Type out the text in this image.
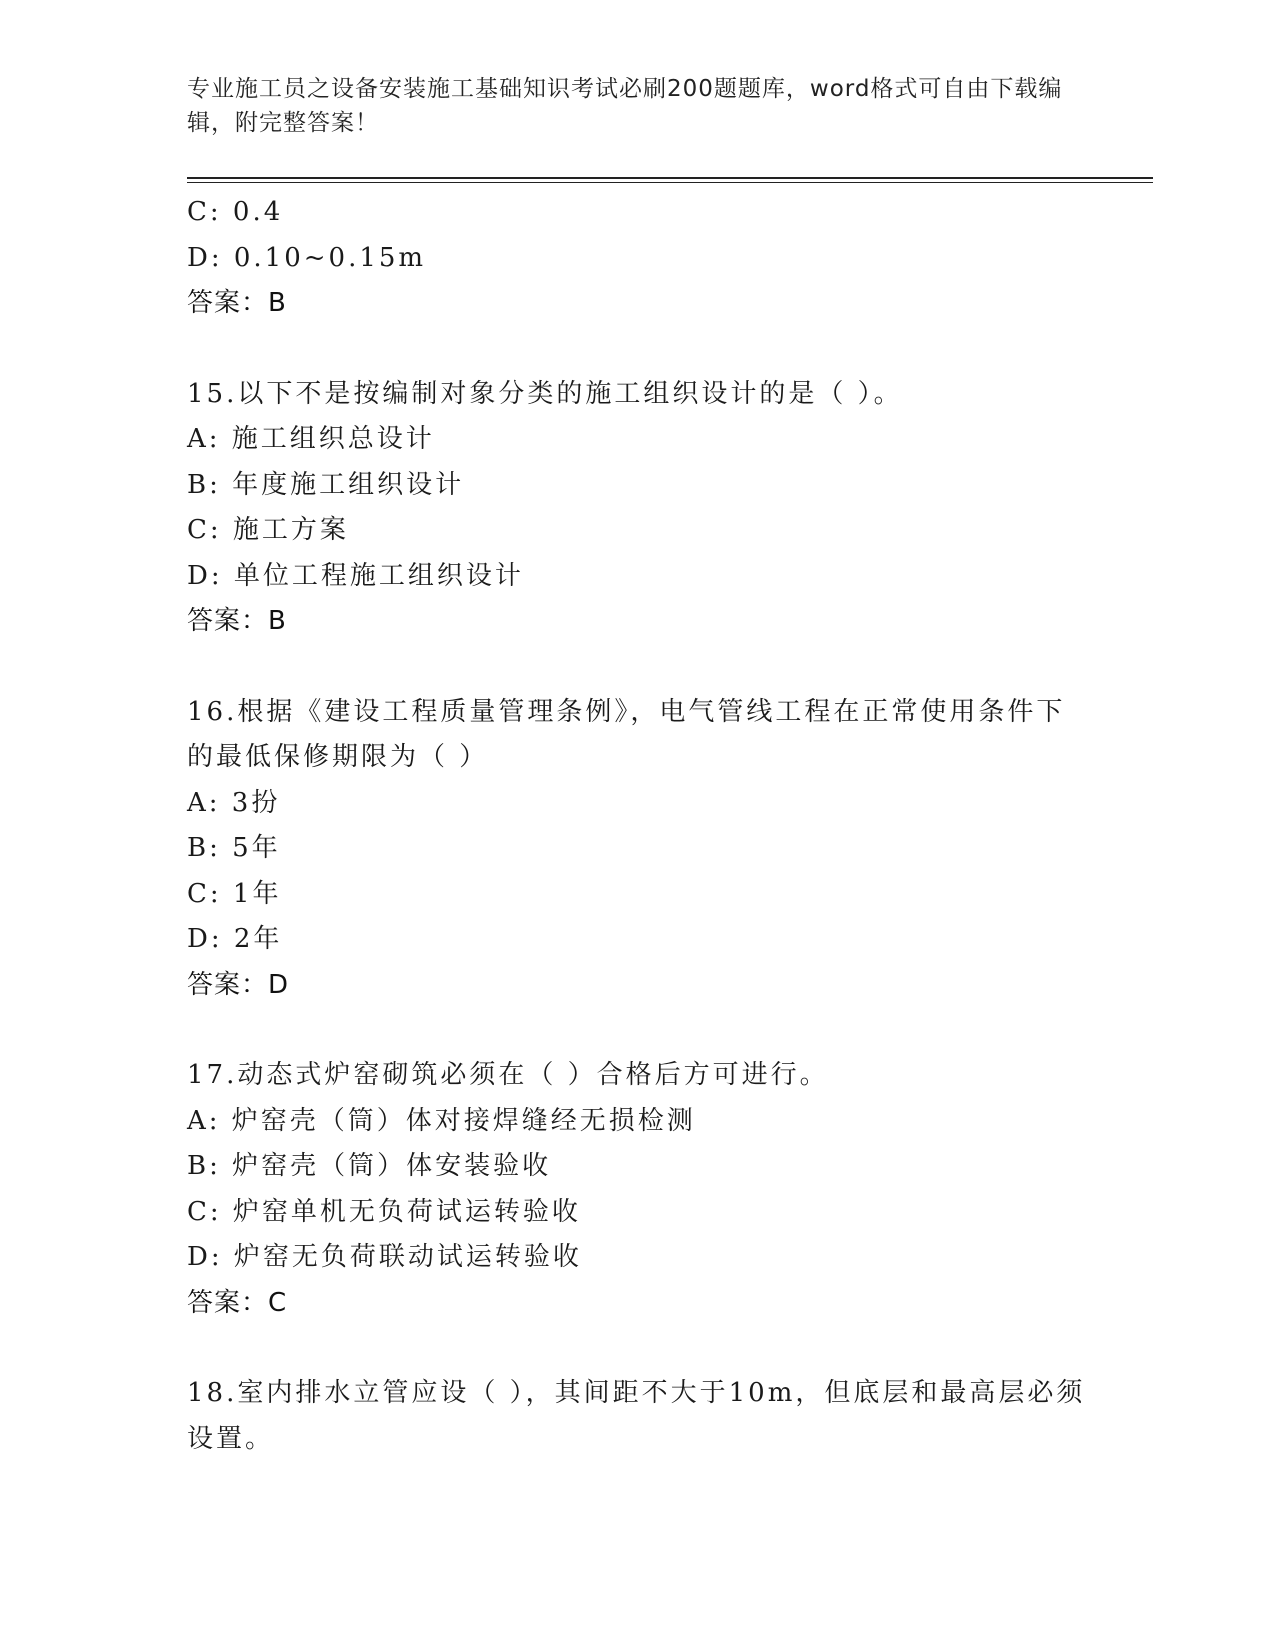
专业施工员之设备安装施工基础知识考试必刷200题题库，word格式可自由下载编辑，附完整答案！
C: 0.4
D: 0.10~0.15m
答案：B
15.以下不是按编制对象分类的施工组织设计的是（ ）。
A: 施工组织总设计
B: 年度施工组织设计
C: 施工方案
D: 单位工程施工组织设计
答案：B
16.根据《建设工程质量管理条例》，电气管线工程在正常使用条件下的最低保修期限为（ ）
A: 3扮
B: 5年
C: 1年
D: 2年
答案：D
17.动态式炉窑砌筑必须在（ ）合格后方可进行。
A: 炉窑壳（筒）体对接焊缝经无损检测
B: 炉窑壳（筒）体安装验收
C: 炉窑单机无负荷试运转验收
D: 炉窑无负荷联动试运转验收
答案：C
18.室内排水立管应设（ ），其间距不大于10m，但底层和最高层必须设置。
